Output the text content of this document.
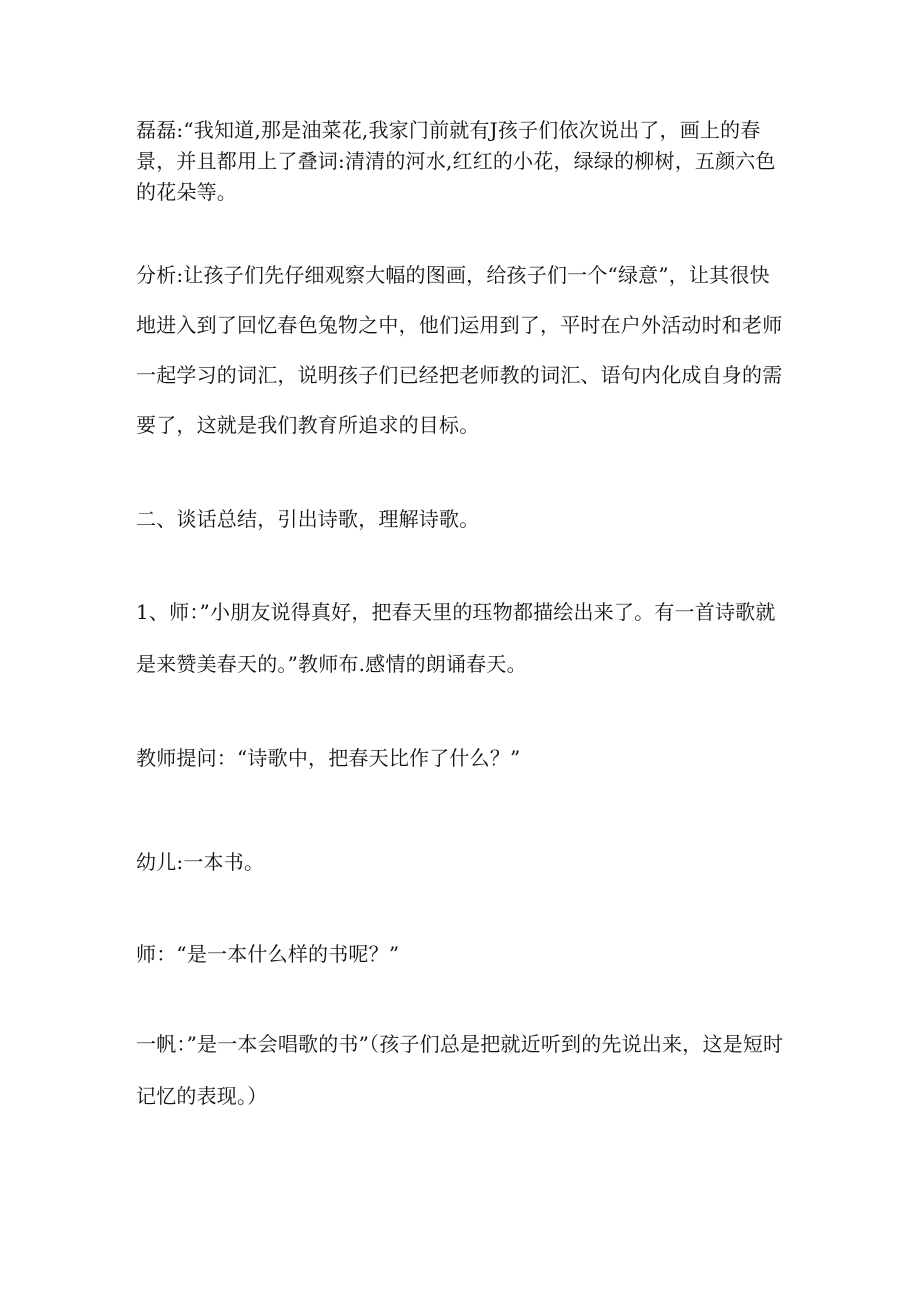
磊磊:“我知道,那是油菜花,我家门前就有J孩子们依次说出了，画上的春景，并且都用上了叠词:清清的河水,红红的小花，绿绿的柳树，五颜六色的花朵等。

分析:让孩子们先仔细观察大幅的图画，给孩子们一个“绿意”，让其很快地进入到了回忆春色兔物之中，他们运用到了，平时在户外活动时和老师一起学习的词汇，说明孩子们已经把老师教的词汇、语句内化成自身的需要了，这就是我们教育所追求的目标。

二、谈话总结，引出诗歌，理解诗歌。

1、师：”小朋友说得真好，把春天里的珏物都描绘出来了。有一首诗歌就是来赞美春天的。”教师布.感情的朗诵春天。

教师提问：“诗歌中，把春天比作了什么？”

幼儿:一本书。

师：“是一本什么样的书呢？”

一帆：”是一本会唱歌的书”（孩子们总是把就近听到的先说出来，这是短时记忆的表现。）
